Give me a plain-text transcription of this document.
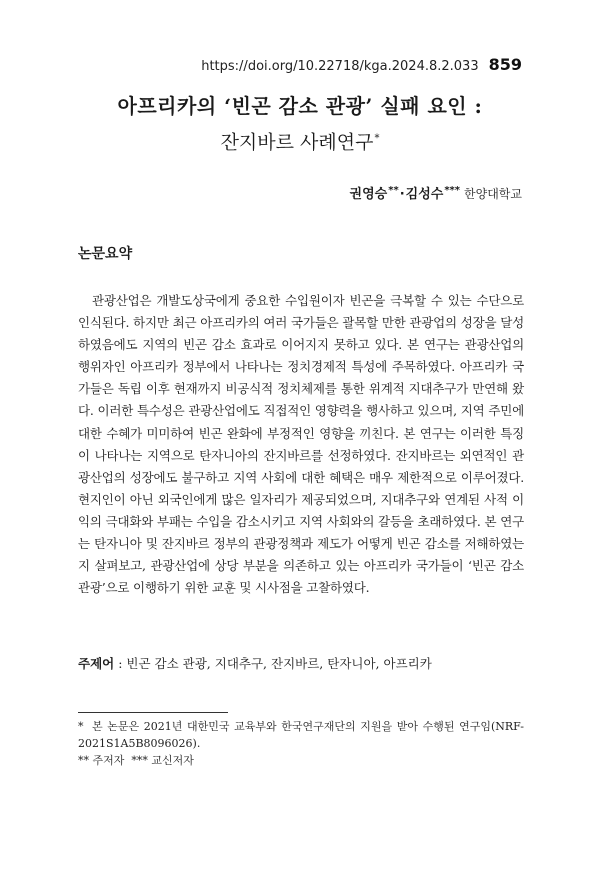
https://doi.org/10.22718/kga.2024.8.2.033 859
아프리카의 ‘빈곤 감소 관광’ 실패 요인 :

잔지바르 사례연구*

권영승** · 김성수*** 한양대학교
논문요약

관광산업은 개발도상국에게 중요한 수입원이자 빈곤을 극복할 수 있는 수단으로 인식된다. 하지만 최근 아프리카의 여러 국가들은 괄목할 만한 관광업의 성장을 달성하였음에도 지역의 빈곤 감소 효과로 이어지지 못하고 있다. 본 연구는 관광산업의 행위자인 아프리카 정부에서 나타나는 정치경제적 특성에 주목하였다. 아프리카 국가들은 독립 이후 현재까지 비공식적 정치체제를 통한 위계적 지대추구가 만연해 왔다. 이러한 특수성은 관광산업에도 직접적인 영향력을 행사하고 있으며, 지역 주민에 대한 수혜가 미미하여 빈곤 완화에 부정적인 영향을 끼친다. 본 연구는 이러한 특징이 나타나는 지역으로 탄자니아의 잔지바르를 선정하였다. 잔지바르는 외연적인 관광산업의 성장에도 불구하고 지역 사회에 대한 혜택은 매우 제한적으로 이루어졌다. 현지인이 아닌 외국인에게 많은 일자리가 제공되었으며, 지대추구와 연계된 사적 이익의 극대화와 부패는 수입을 감소시키고 지역 사회와의 갈등을 초래하였다. 본 연구는 탄자니아 및 잔지바르 정부의 관광정책과 제도가 어떻게 빈곤 감소를 저해하였는지 살펴보고, 관광산업에 상당 부분을 의존하고 있는 아프리카 국가들이 ‘빈곤 감소 관광’으로 이행하기 위한 교훈 및 시사점을 고찰하였다.

주제어 : 빈곤 감소 관광, 지대추구, 잔지바르, 탄자니아, 아프리카

* 본 논문은 2021년 대한민국 교육부와 한국연구재단의 지원을 받아 수행된 연구임(NRF-2021S1A5B8096026).

** 주저자 *** 교신저자
